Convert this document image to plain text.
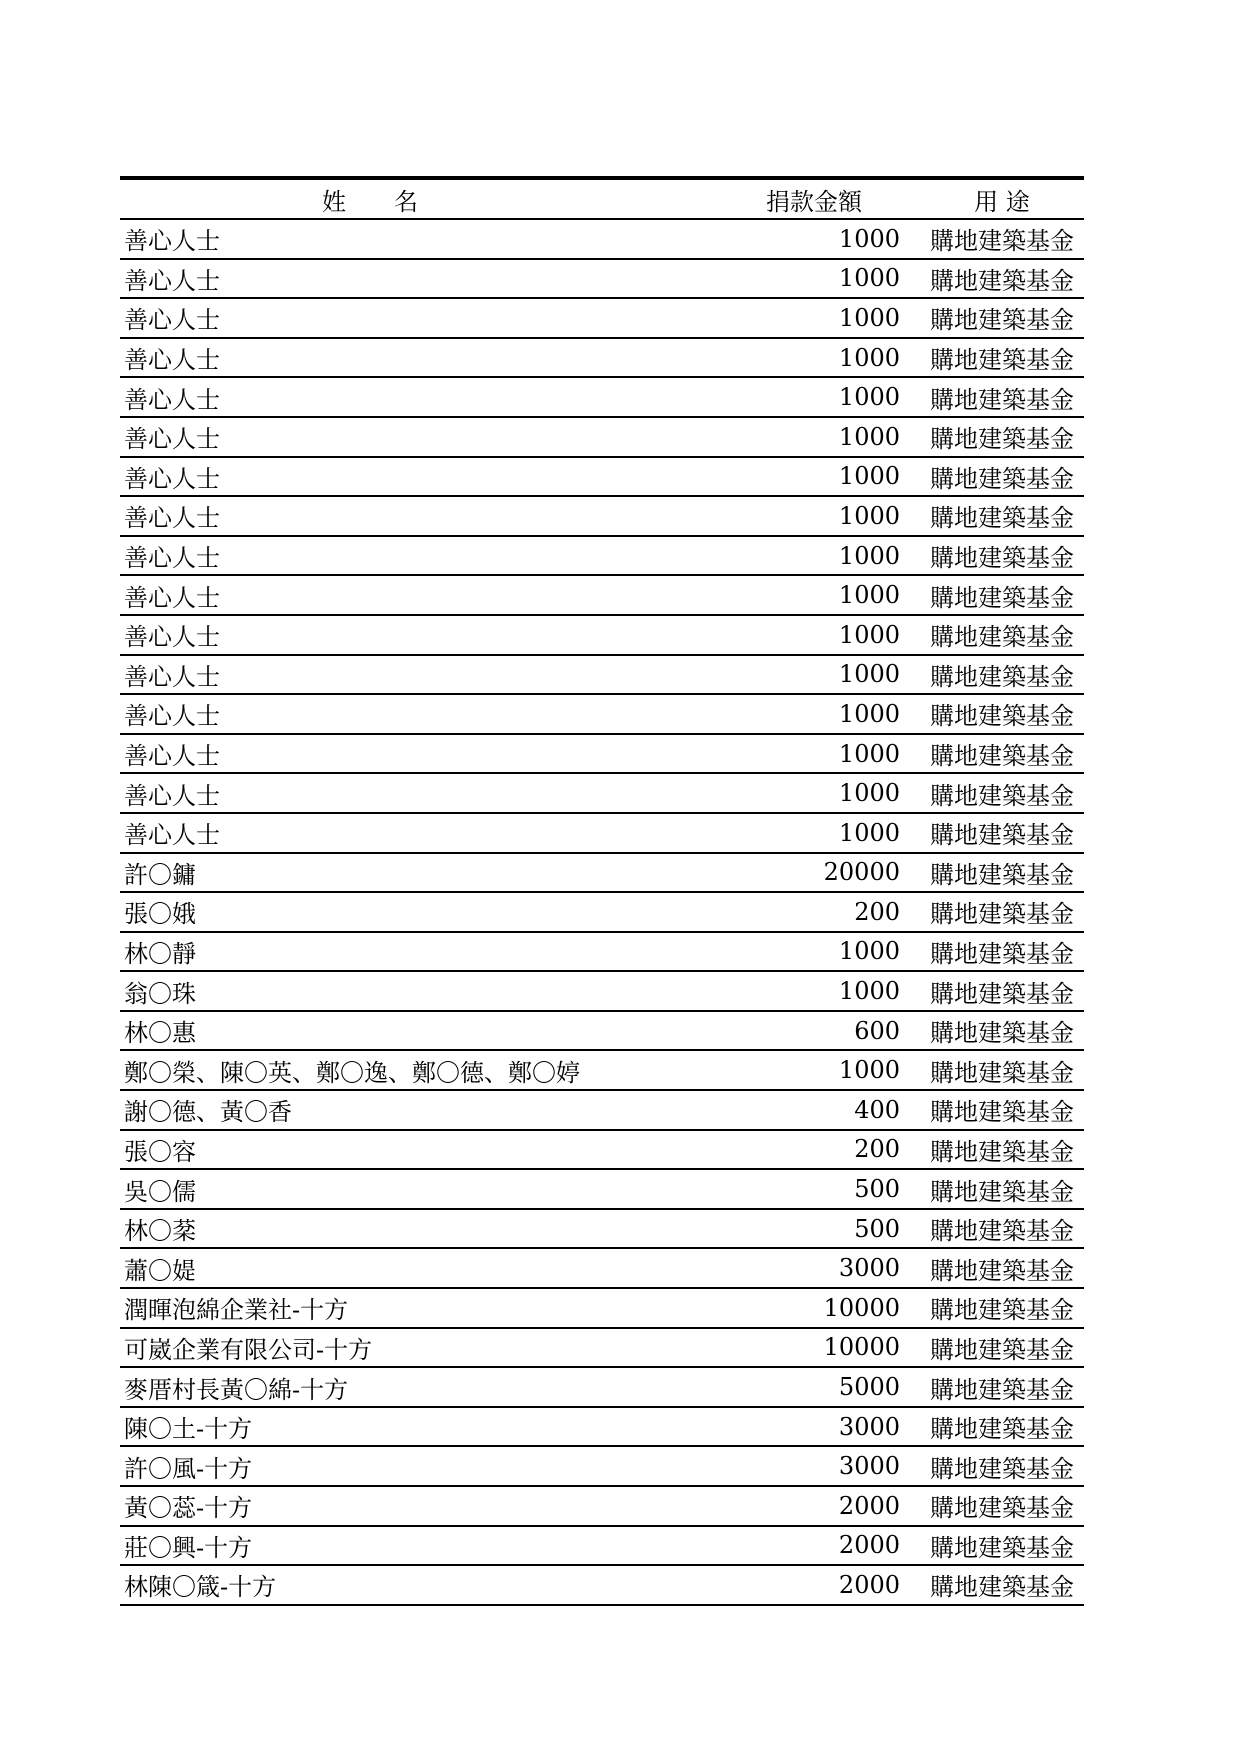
姓　　名	捐款金額	用 途
善心人士	1000	購地建築基金
善心人士	1000	購地建築基金
善心人士	1000	購地建築基金
善心人士	1000	購地建築基金
善心人士	1000	購地建築基金
善心人士	1000	購地建築基金
善心人士	1000	購地建築基金
善心人士	1000	購地建築基金
善心人士	1000	購地建築基金
善心人士	1000	購地建築基金
善心人士	1000	購地建築基金
善心人士	1000	購地建築基金
善心人士	1000	購地建築基金
善心人士	1000	購地建築基金
善心人士	1000	購地建築基金
善心人士	1000	購地建築基金
許〇鏞	20000	購地建築基金
張〇娥	200	購地建築基金
林〇靜	1000	購地建築基金
翁〇珠	1000	購地建築基金
林〇惠	600	購地建築基金
鄭〇榮、陳〇英、鄭〇逸、鄭〇德、鄭〇婷	1000	購地建築基金
謝〇德、黃〇香	400	購地建築基金
張〇容	200	購地建築基金
吳〇儒	500	購地建築基金
林〇棻	500	購地建築基金
蕭〇媞	3000	購地建築基金
潤暉泡綿企業社-十方	10000	購地建築基金
可崴企業有限公司-十方	10000	購地建築基金
麥厝村長黃〇綿-十方	5000	購地建築基金
陳〇土-十方	3000	購地建築基金
許〇風-十方	3000	購地建築基金
黃〇蕊-十方	2000	購地建築基金
莊〇興-十方	2000	購地建築基金
林陳〇箴-十方	2000	購地建築基金
